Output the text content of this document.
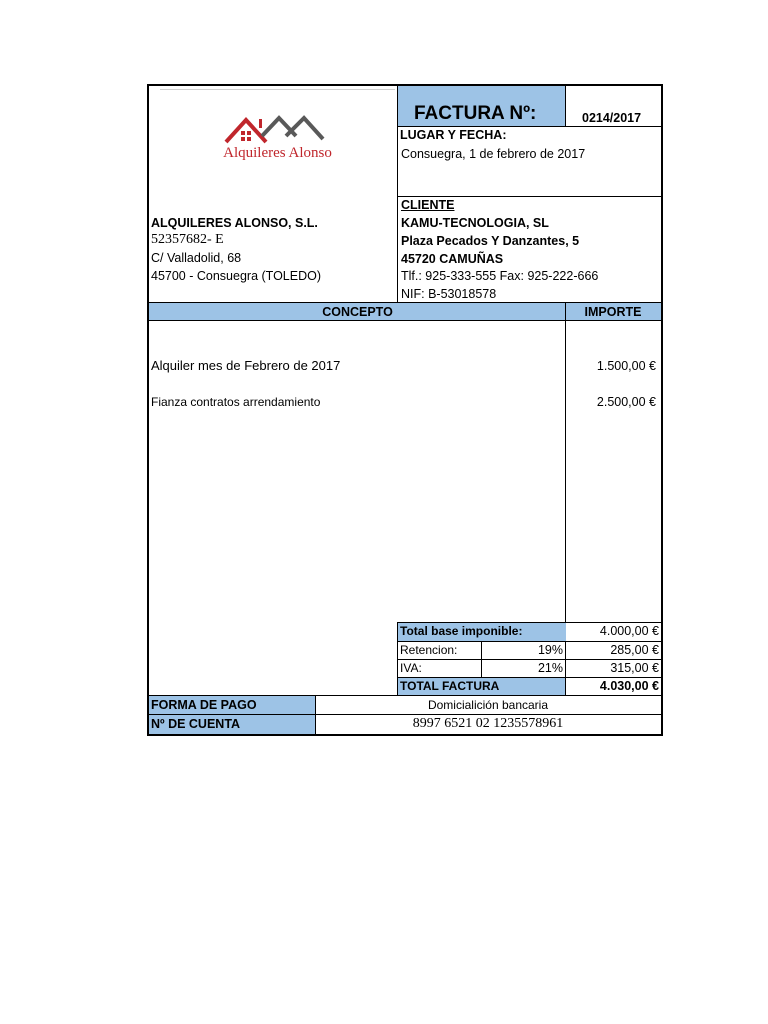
Alquileres Alonso
FACTURA Nº:	0214/2017
LUGAR Y FECHA:
Consuegra, 1 de febrero de 2017
CLIENTE
KAMU-TECNOLOGIA, SL
Plaza Pecados Y Danzantes, 5
45720 CAMUÑAS
Tlf.: 925-333-555 Fax: 925-222-666
NIF: B-53018578
ALQUILERES ALONSO, S.L.
52357682- E
C/ Valladolid, 68
45700 - Consuegra (TOLEDO)
CONCEPTO	IMPORTE
Alquiler mes de Febrero de 2017	1.500,00 €
Fianza contratos arrendamiento	2.500,00 €
Total base imponible:	4.000,00 €
Retencion:	19%	285,00 €
IVA:	21%	315,00 €
TOTAL FACTURA	4.030,00 €
FORMA DE PAGO	Domicialición bancaria
Nº DE CUENTA	8997 6521 02 1235578961
